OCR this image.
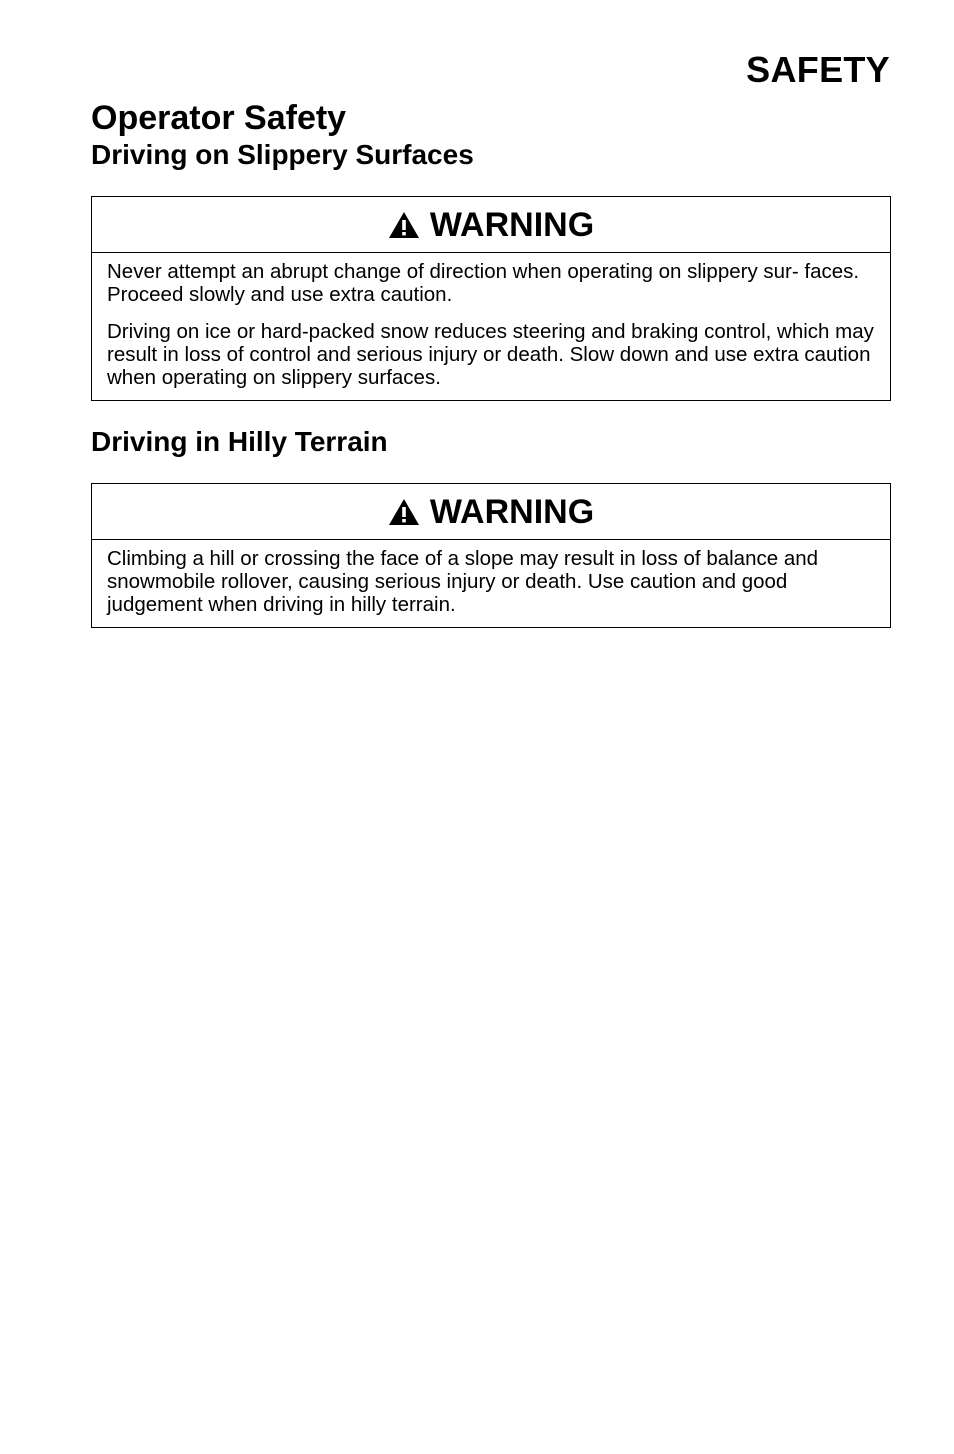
SAFETY
Operator Safety
Driving on Slippery Surfaces
WARNING

Never attempt an abrupt change of direction when operating on slippery sur- faces. Proceed slowly and use extra caution.

Driving on ice or hard-packed snow reduces steering and braking control, which may result in loss of control and serious injury or death. Slow down and use extra caution when operating on slippery surfaces.

Driving in Hilly Terrain
WARNING

Climbing a hill or crossing the face of a slope may result in loss of balance and snowmobile rollover, causing serious injury or death. Use caution and good judgement when driving in hilly terrain.
